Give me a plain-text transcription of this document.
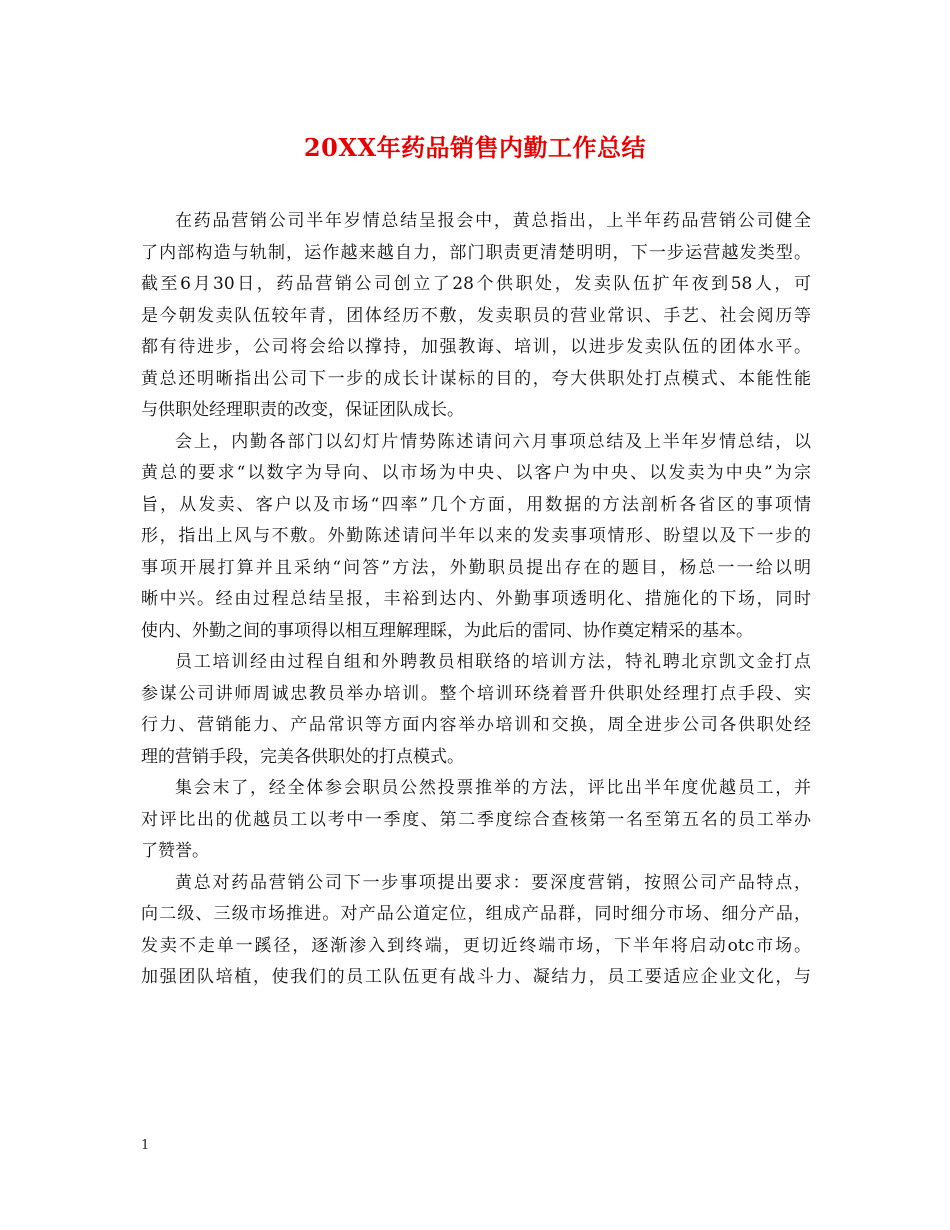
20XX年药品销售内勤工作总结
在药品营销公司半年岁情总结呈报会中，黄总指出，上半年药品营销公司健全
了内部构造与轨制，运作越来越自力，部门职责更清楚明明，下一步运营越发类型。
截至6月30日，药品营销公司创立了28个供职处，发卖队伍扩年夜到58人，可
是今朝发卖队伍较年青，团体经历不敷，发卖职员的营业常识、手艺、社会阅历等
都有待进步，公司将会给以撑持，加强教诲、培训，以进步发卖队伍的团体水平。
黄总还明晰指出公司下一步的成长计谋标的目的，夸大供职处打点模式、本能性能
与供职处经理职责的改变，保证团队成长。
会上，内勤各部门以幻灯片情势陈述请问六月事项总结及上半年岁情总结，以
黄总的要求“以数字为导向、以市场为中央、以客户为中央、以发卖为中央”为宗
旨，从发卖、客户以及市场“四率”几个方面，用数据的方法剖析各省区的事项情
形，指出上风与不敷。外勤陈述请问半年以来的发卖事项情形、盼望以及下一步的
事项开展打算并且采纳“问答”方法，外勤职员提出存在的题目，杨总一一给以明
晰中兴。经由过程总结呈报，丰裕到达内、外勤事项透明化、措施化的下场，同时
使内、外勤之间的事项得以相互理解理睬，为此后的雷同、协作奠定精采的基本。
员工培训经由过程自组和外聘教员相联络的培训方法，特礼聘北京凯文金打点
参谋公司讲师周诚忠教员举办培训。整个培训环绕着晋升供职处经理打点手段、实
行力、营销能力、产品常识等方面内容举办培训和交换，周全进步公司各供职处经
理的营销手段，完美各供职处的打点模式。
集会末了，经全体参会职员公然投票推举的方法，评比出半年度优越员工，并
对评比出的优越员工以考中一季度、第二季度综合查核第一名至第五名的员工举办
了赞誉。
黄总对药品营销公司下一步事项提出要求：要深度营销，按照公司产品特点，
向二级、三级市场推进。对产品公道定位，组成产品群，同时细分市场、细分产品，
发卖不走单一蹊径，逐渐渗入到终端，更切近终端市场，下半年将启动otc市场。
加强团队培植，使我们的员工队伍更有战斗力、凝结力，员工要适应企业文化，与
1
